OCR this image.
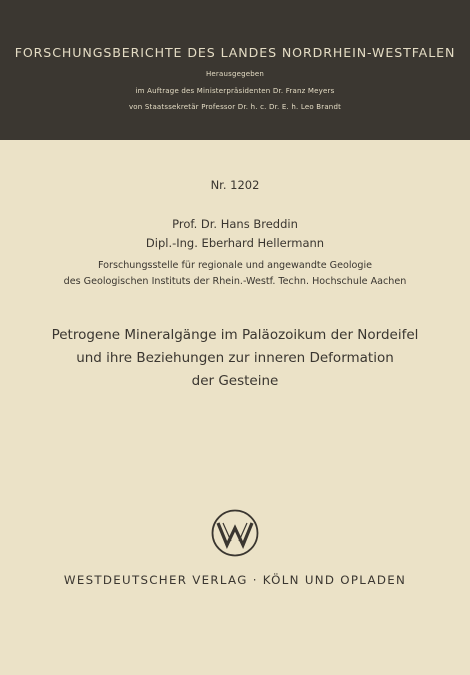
FORSCHUNGSBERICHTE DES LANDES NORDRHEIN-WESTFALEN
Herausgegeben
im Auftrage des Ministerpräsidenten Dr. Franz Meyers
von Staatssekretär Professor Dr. h. c. Dr. E. h. Leo Brandt
Nr. 1202
Prof. Dr. Hans Breddin
Dipl.-Ing. Eberhard Hellermann
Forschungsstelle für regionale und angewandte Geologie
des Geologischen Instituts der Rhein.-Westf. Techn. Hochschule Aachen
Petrogene Mineralgänge im Paläozoikum der Nordeifel
und ihre Beziehungen zur inneren Deformation
der Gesteine
WESTDEUTSCHER VERLAG · KÖLN UND OPLADEN
